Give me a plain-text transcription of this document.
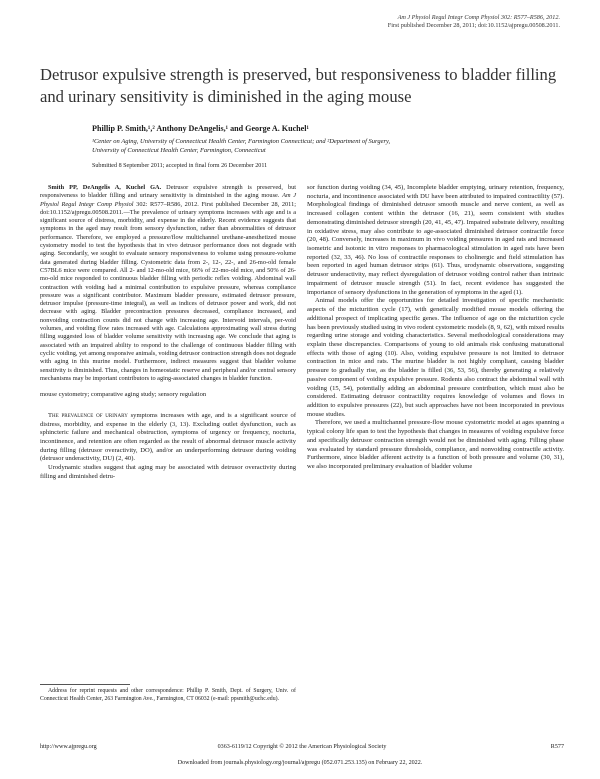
Am J Physiol Regul Integr Comp Physiol 302: R577–R586, 2012.
First published December 28, 2011; doi:10.1152/ajpregu.00508.2011.
Detrusor expulsive strength is preserved, but responsiveness to bladder filling and urinary sensitivity is diminished in the aging mouse
Phillip P. Smith,¹,² Anthony DeAngelis,¹ and George A. Kuchel¹
¹Center on Aging, University of Connecticut Health Center, Farmington Connecticut; and ²Department of Surgery,
University of Connecticut Health Center, Farmington, Connecticut
Submitted 8 September 2011; accepted in final form 26 December 2011

Smith PP, DeAngelis A, Kuchel GA. Detrusor expulsive strength is preserved, but responsiveness to bladder filling and urinary sensitivity is diminished in the aging mouse. Am J Physiol Regul Integr Comp Physiol 302: R577–R586, 2012. First published December 28, 2011; doi:10.1152/ajpregu.00508.2011.—The prevalence of urinary symptoms increases with age and is a significant source of distress, morbidity, and expense in the elderly. Recent evidence suggests that symptoms in the aged may result from sensory dysfunction, rather than abnormalities of detrusor performance. Therefore, we employed a pressure/flow multichannel urethane-anesthetized mouse cystometry model to test the hypothesis that in vivo detrusor performance does not degrade with aging. Secondarily, we sought to evaluate sensory responsiveness to volume using pressure-volume data generated during bladder filling. Cystometric data from 2-, 12-, 22-, and 26-mo-old female C57BL6 mice were compared. All 2- and 12-mo-old mice, 66% of 22-mo-old mice, and 50% of 26-mo-old mice responded to continuous bladder filling with periodic reflex voiding. Abdominal wall contraction with voiding had a minimal contribution to expulsive pressure, whereas compliance pressure was a significant contributor. Maximum bladder pressure, estimated detrusor pressure, detrusor impulse (pressure-time integral), as well as indices of detrusor power and work, did not decrease with aging. Bladder precontraction pressures decreased, compliance increased, and nonvoiding contraction counts did not change with increasing age. Intervoid intervals, per-void volumes, and voiding flow rates increased with age. Calculations approximating wall stress during filling suggested loss of bladder volume sensitivity with increasing age. We conclude that aging is associated with an impaired ability to respond to the challenge of continuous bladder filling with cyclic voiding, yet among responsive animals, voiding detrusor contraction strength does not degrade with aging in this murine model. Furthermore, indirect measures suggest that bladder volume sensitivity is diminished. Thus, changes in homeostatic reserve and peripheral and/or central sensory mechanisms may be important contributors to aging-associated changes in bladder function.

mouse cystometry; comparative aging study; sensory regulation

The prevalence of urinary symptoms increases with age, and is a significant source of distress, morbidity, and expense in the elderly (3, 13). Excluding outlet dysfunction, such as sphincteric failure and mechanical obstruction, symptoms of urgency or frequency, nocturia, incontinence, and retention are often regarded as the result of abnormal detrusor muscle activity during filling (detrusor overactivity, DO), and/or an underperforming detrusor during voiding (detrusor underactivity, DU) (2, 40).

Urodynamic studies suggest that aging may be associated with detrusor overactivity during filling and diminished detru-

sor function during voiding (34, 45), Incomplete bladder emptying, urinary retention, frequency, nocturia, and incontinence associated with DU have been attributed to impaired contractility (57). Morphological findings of diminished detrusor smooth muscle and nerve content, as well as increased collagen content within the detrusor (16, 21), seem consistent with studies demonstrating diminished detrusor strength (20, 41, 45, 47). Impaired substrate delivery, resulting in oxidative stress, may also contribute to age-associated diminished detrusor contractile force (20, 48). Conversely, increases in maximum in vivo voiding pressures in aged rats and increased isometric and isotonic in vitro responses to pharmacological stimulation in aged rats have been reported (32, 33, 46). No loss of contractile responses to cholinergic and field stimulation has been reported in aged human detrusor strips (61). Thus, urodynamic observations, suggesting detrusor underactivity, may reflect dysregulation of detrusor voiding control rather than intrinsic impairment of detrusor muscle strength (51). In fact, recent evidence has suggested the importance of sensory dysfunctions in the generation of symptoms in the aged (1).

Animal models offer the opportunities for detailed investigation of specific mechanistic aspects of the micturition cycle (17), with genetically modified mouse models offering the additional prospect of implicating specific genes. The influence of age on the micturition cycle has been previously studied using in vivo rodent cystometric models (8, 9, 62), with mixed results regarding urine storage and voiding characteristics. Several methodological considerations may explain these discrepancies. Comparisons of young to old animals risk confusing maturational effects with those of aging (10). Also, voiding expulsive pressure is not limited to detrusor contraction in mice and rats. The murine bladder is not highly compliant, causing bladder pressure to gradually rise, as the bladder is filled (36, 53, 56), thereby generating a relatively passive component of voiding expulsive pressure. Rodents also contract the abdominal wall with voiding (15, 54), potentially adding an abdominal pressure contribution, which must also be considered. Estimating detrusor contractility requires knowledge of volumes and flows in addition to expulsive pressures (22), but such approaches have not been incorporated in previous mouse studies.

Therefore, we used a multichannel pressure-flow mouse cystometric model at ages spanning a typical colony life span to test the hypothesis that changes in measures of voiding expulsive force and specifically detrusor contraction strength would not be diminished with aging. Filling phase was evaluated by standard pressure thresholds, compliance, and nonvoiding contractile activity. Furthermore, since bladder afferent activity is a function of both pressure and volume (30, 31), we also incorporated preliminary evaluation of bladder volume

Address for reprint requests and other correspondence: Phillip P. Smith, Dept. of Surgery, Univ. of Connecticut Health Center, 263 Farmington Ave., Farmington, CT 06032 (e-mail: ppsmith@uchc.edu).

http://www.ajpregu.org	0363-6119/12 Copyright © 2012 the American Physiological Society	R577
Downloaded from journals.physiology.org/journal/ajpregu (052.071.253.135) on February 22, 2022.
